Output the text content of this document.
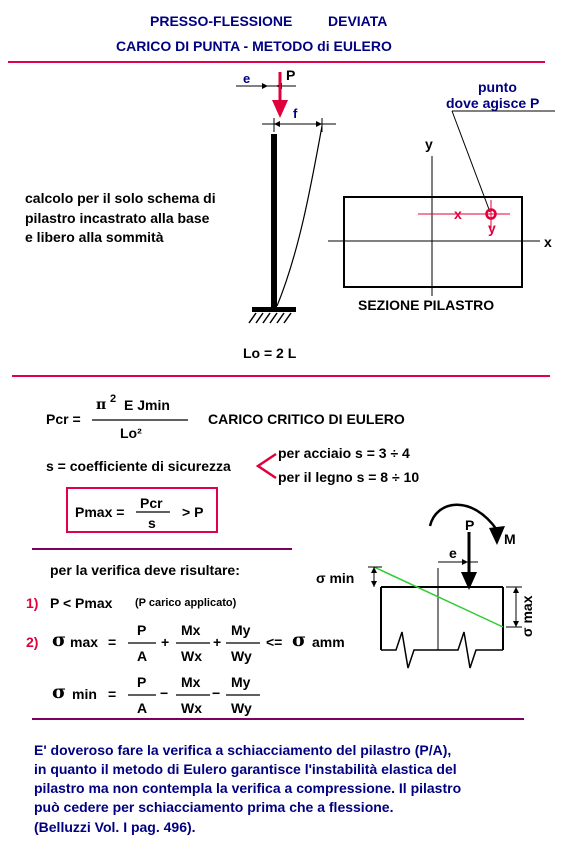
PRESSO-FLESSIONE	DEVIATA
CARICO DI PUNTA - METODO di EULERO
e	P
f
Lo = 2 L
calcolo per il solo schema di
pilastro incastrato alla base
e libero alla sommità
punto
dove agisce P
y
x
x
y
SEZIONE PILASTRO
Pcr =
π 2 E Jmin
Lo²
CARICO CRITICO DI EULERO
s = coefficiente di sicurezza
per acciaio s = 3 ÷ 4
per il legno s = 8 ÷ 10
Pmax =
Pcr
s
> P
per la verifica deve risultare:
1) P < Pmax (P carico applicato)
2) σ max =
P
A
+
Mx
Wx
+
My
Wy
<= σ amm
σ min =
P
A
−
Mx
Wx
−
My
Wy
P
M
e
σ min
σ max
E' doveroso fare la verifica a schiacciamento del pilastro (P/A),
in quanto il metodo di Eulero garantisce l'instabilità elastica del
pilastro ma non contempla la verifica a compressione. Il pilastro
può cedere per schiacciamento prima che a flessione.
(Belluzzi Vol. I pag. 496).
